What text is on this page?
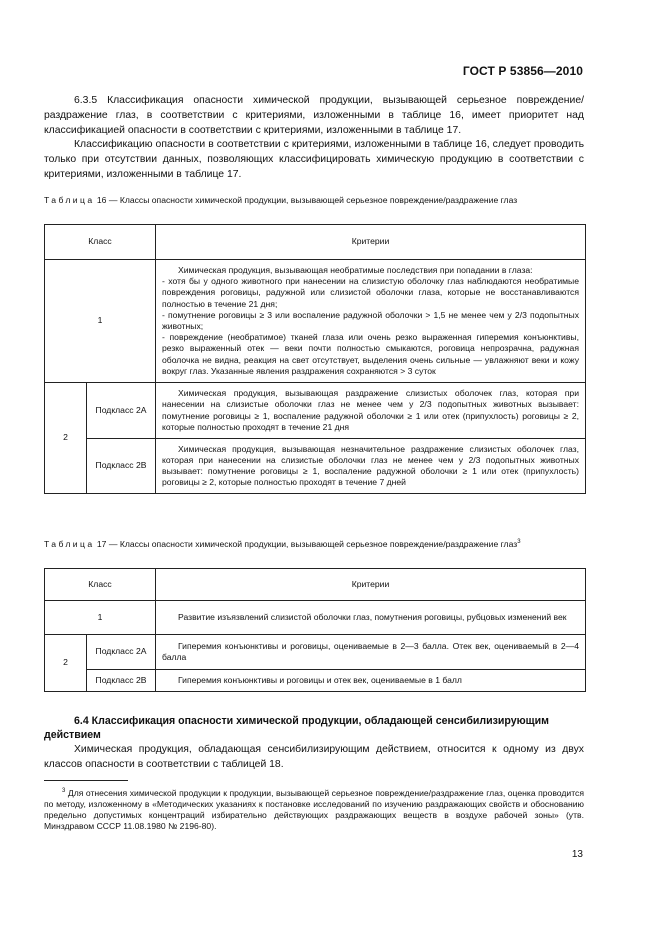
ГОСТ Р 53856—2010

6.3.5 Классификация опасности химической продукции, вызывающей серьезное повреждение/раздражение глаз, в соответствии с критериями, изложенными в таблице 16, имеет приоритет над классификацией опасности в соответствии с критериями, изложенными в таблице 17.

Классификацию опасности в соответствии с критериями, изложенными в таблице 16, следует проводить только при отсутствии данных, позволяющих классифицировать химическую продукцию в соответствии с критериями, изложенными в таблице 17.

Таблица 16 — Классы опасности химической продукции, вызывающей серьезное повреждение/раздражение глаз

Класс		Критерии
1		Химическая продукция, вызывающая необратимые последствия при попадании в глаза:

- хотя бы у одного животного при нанесении на слизистую оболочку глаз наблюдаются необратимые повреждения роговицы, радужной или слизистой оболочки глаза, которые не восстанавливаются полностью в течение 21 дня;

- помутнение роговицы ≥ 3 или воспаление радужной оболочки > 1,5 не менее чем у 2/3 подопытных животных;

- повреждение (необратимое) тканей глаза или очень резко выраженная гиперемия конъюнктивы, резко выраженный отек — веки почти полностью смыкаются, роговица непрозрачна, радужная оболочка не видна, реакция на свет отсутствует, выделения очень сильные — увлажняют веки и кожу вокруг глаз. Указанные явления раздражения сохраняются > 3 суток

2	Подкласс 2А	Химическая продукция, вызывающая раздражение слизистых оболочек глаз, которая при нанесении на слизистые оболочки глаз не менее чем у 2/3 подопытных животных вызывает: помутнение роговицы ≥ 1, воспаление радужной оболочки ≥ 1 или отек (припухлость) роговицы ≥ 2, которые полностью проходят в течение 21 дня

	Подкласс 2В	Химическая продукция, вызывающая незначительное раздражение слизистых оболочек глаз, которая при нанесении на слизистые оболочки глаз не менее чем у 2/3 подопытных животных вызывает: помутнение роговицы ≥ 1, воспаление радужной оболочки ≥ 1 или отек (припухлость) роговицы ≥ 2, которые полностью проходят в течение 7 дней

Таблица 17 — Классы опасности химической продукции, вызывающей серьезное повреждение/раздражение глаз$^3$

Класс		Критерии
1		Развитие изъязвлений слизистой оболочки глаз, помутнения роговицы, рубцовых изменений век

2	Подкласс 2А	Гиперемия конъюнктивы и роговицы, оцениваемые в 2—3 балла. Отек век, оцениваемый в 2—4 балла

	Подкласс 2В	Гиперемия конъюнктивы и роговицы и отек век, оцениваемые в 1 балл

6.4 Классификация опасности химической продукции, обладающей сенсибилизирующим действием

Химическая продукция, обладающая сенсибилизирующим действием, относится к одному из двух классов опасности в соответствии с таблицей 18.

$^3$ Для отнесения химической продукции к продукции, вызывающей серьезное повреждение/раздражение глаз, оценка проводится по методу, изложенному в «Методических указаниях к постановке исследований по изучению раздражающих свойств и обоснованию предельно допустимых концентраций избирательно действующих раздражающих веществ в воздухе рабочей зоны» (утв. Минздравом СССР 11.08.1980 № 2196-80).

13
